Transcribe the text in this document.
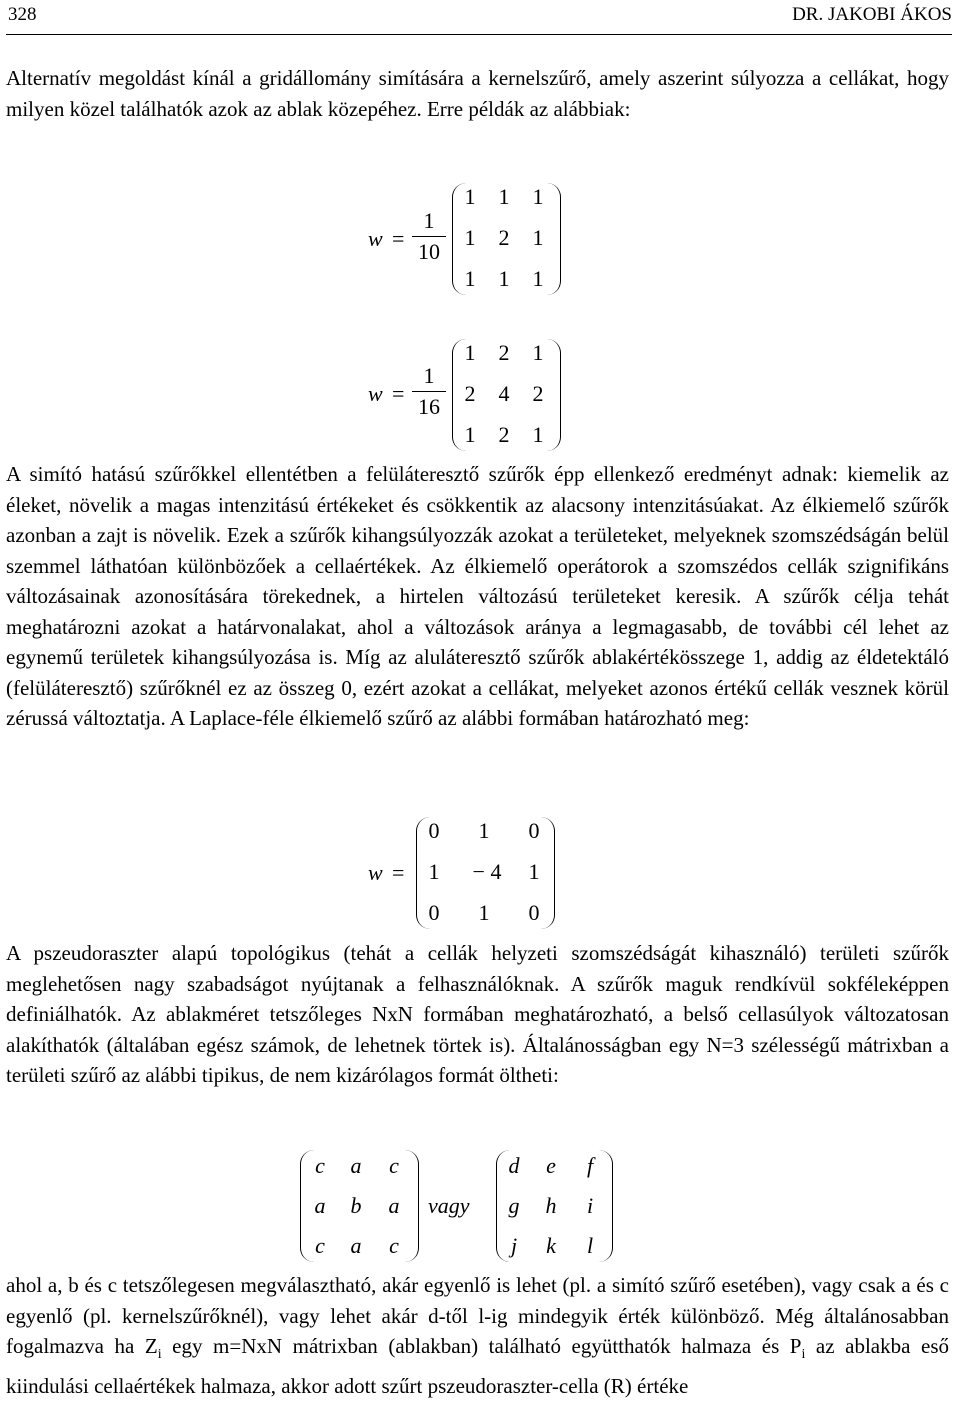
328	DR. JAKOBI ÁKOS

Alternatív megoldást kínál a gridállomány simítására a kernelszűrő, amely aszerint súlyozza a cellákat, hogy milyen közel találhatók azok az ablak közepéhez. Erre példák az alábbiak:

w =
1
10
1	1	1
1	2	1
1	1	1
w =
1
16
1	2	1
2	4	2
1	2	1

A simító hatású szűrőkkel ellentétben a felüláteresztő szűrők épp ellenkező eredményt adnak: kiemelik az éleket, növelik a magas intenzitású értékeket és csökkentik az alacsony intenzitásúakat. Az élkiemelő szűrők azonban a zajt is növelik. Ezek a szűrők kihangsúlyozzák azokat a területeket, melyeknek szomszédságán belül szemmel láthatóan különbözőek a cellaértékek. Az élkiemelő operátorok a szomszédos cellák szignifikáns változásainak azonosítására törekednek, a hirtelen változású területeket keresik. A szűrők célja tehát meghatározni azokat a határvonalakat, ahol a változások aránya a legmagasabb, de további cél lehet az egynemű területek kihangsúlyozása is. Míg az aluláteresztő szűrők ablakértékösszege 1, addig az éldetektáló (felüláteresztő) szűrőknél ez az összeg 0, ezért azokat a cellákat, melyeket azonos értékű cellák vesznek körül zérussá változtatja. A Laplace-féle élkiemelő szűrő az alábbi formában határozható meg:

w =
0	1	0
1	− 4	1
0	1	0

A pszeudoraszter alapú topológikus (tehát a cellák helyzeti szomszédságát kihasználó) területi szűrők meglehetősen nagy szabadságot nyújtanak a felhasználóknak. A szűrők maguk rendkívül sokféleképpen definiálhatók. Az ablakméret tetszőleges NxN formában meghatározható, a belső cellasúlyok változatosan alakíthatók (általában egész számok, de lehetnek törtek is). Általánosságban egy N=3 szélességű mátrixban a területi szűrő az alábbi tipikus, de nem kizárólagos formát öltheti:

c	a	c
a	b	a
c	a	c
vagy
d	e	f
g	h	i
j	k	l

ahol a, b és c tetszőlegesen megválasztható, akár egyenlő is lehet (pl. a simító szűrő esetében), vagy csak a és c egyenlő (pl. kernelszűrőknél), vagy lehet akár d-től l-ig mindegyik érték különböző. Még általánosabban fogalmazva ha $Z_i$ egy m=NxN mátrixban (ablakban) található együtthatók halmaza és $P_i$ az ablakba eső kiindulási cellaértékek halmaza, akkor adott szűrt pszeudoraszter-cella (R) értéke
